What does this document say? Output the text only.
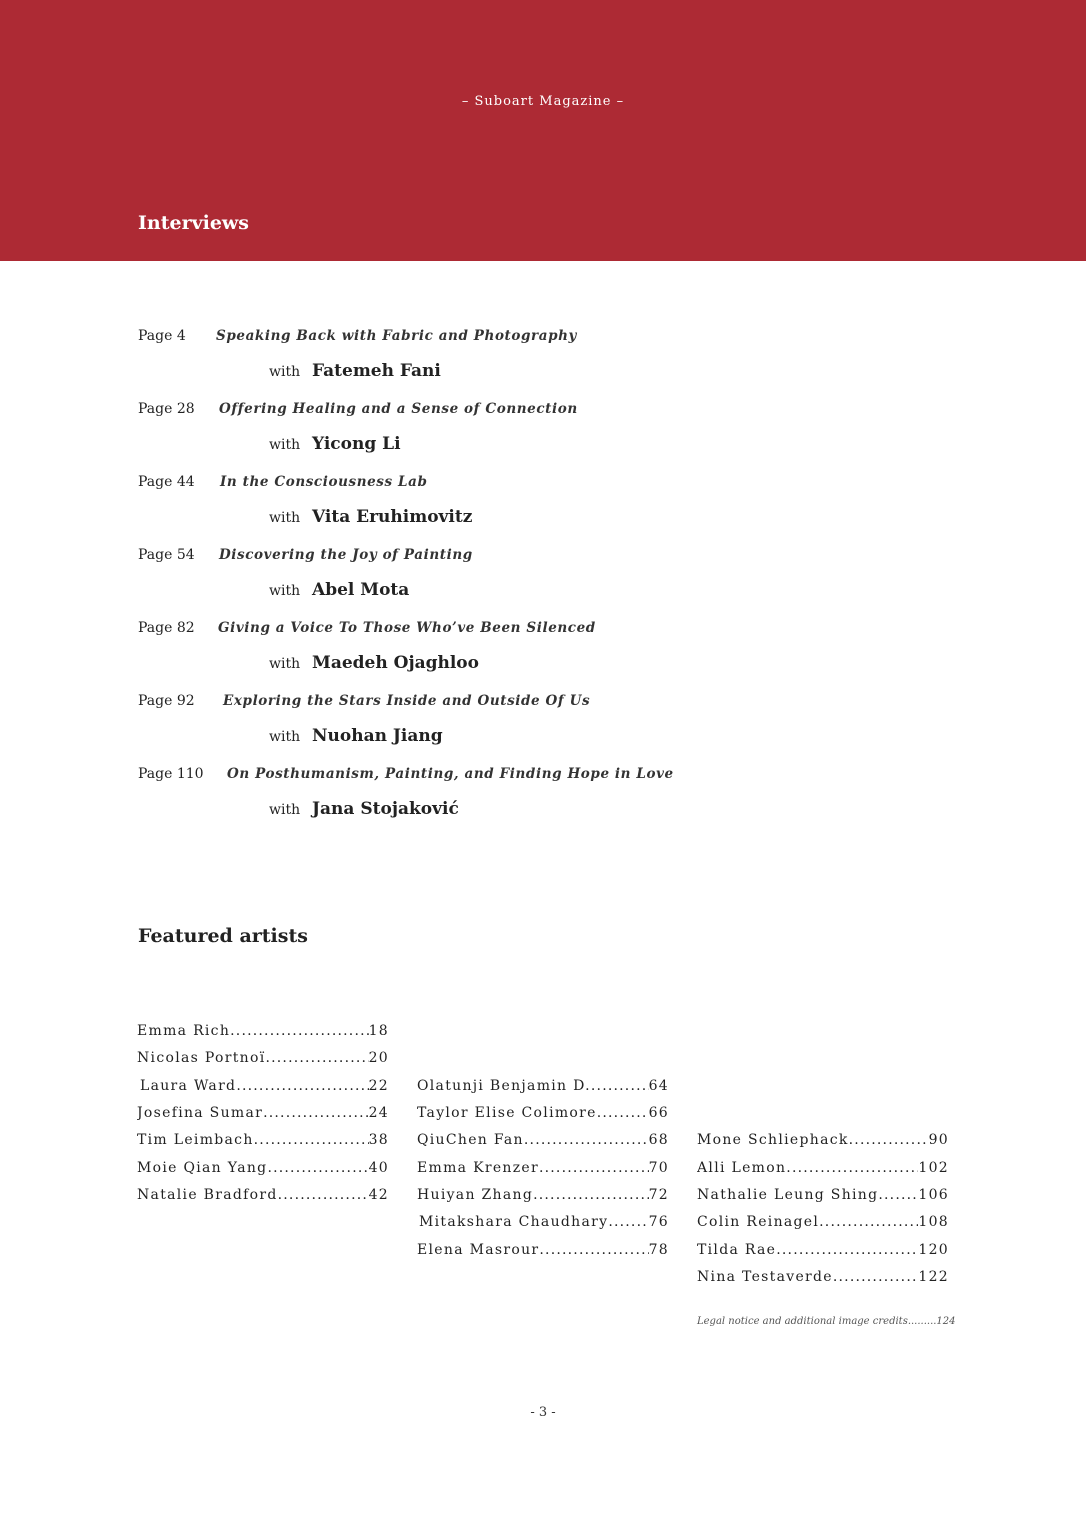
– Suboart Magazine –
Interviews
Page 4 Speaking Back with Fabric and Photography
with Fatemeh Fani
Page 28 Offering Healing and a Sense of Connection
with Yicong Li
Page 44 In the Consciousness Lab
with Vita Eruhimovitz
Page 54 Discovering the Joy of Painting
with Abel Mota
Page 82 Giving a Voice To Those Who’ve Been Silenced
with Maedeh Ojaghloo
Page 92 Exploring the Stars Inside and Outside Of Us
with Nuohan Jiang
Page 110 On Posthumanism, Painting, and Finding Hope in Love
with Jana Stojaković
Featured artists
Emma Rich .....	18
Nicolas Portnoï .....	20
Laura Ward .....	22
Josefina Sumar .....	24
Tim Leimbach .....	38
Moie Qian Yang .....	40
Natalie Bradford .....	42
Olatunji Benjamin D. .....	64
Taylor Elise Colimore .....	66
QiuChen Fan .....	68
Emma Krenzer .....	70
Huiyan Zhang .....	72
Mitakshara Chaudhary .....	76
Elena Masrour .....	78
Mone Schliephack .....	90
Alli Lemon .....	102
Nathalie Leung Shing .....	106
Colin Reinagel .....	108
Tilda Rae .....	120
Nina Testaverde .....	122
Legal notice and additional image credits.........124
- 3 -
